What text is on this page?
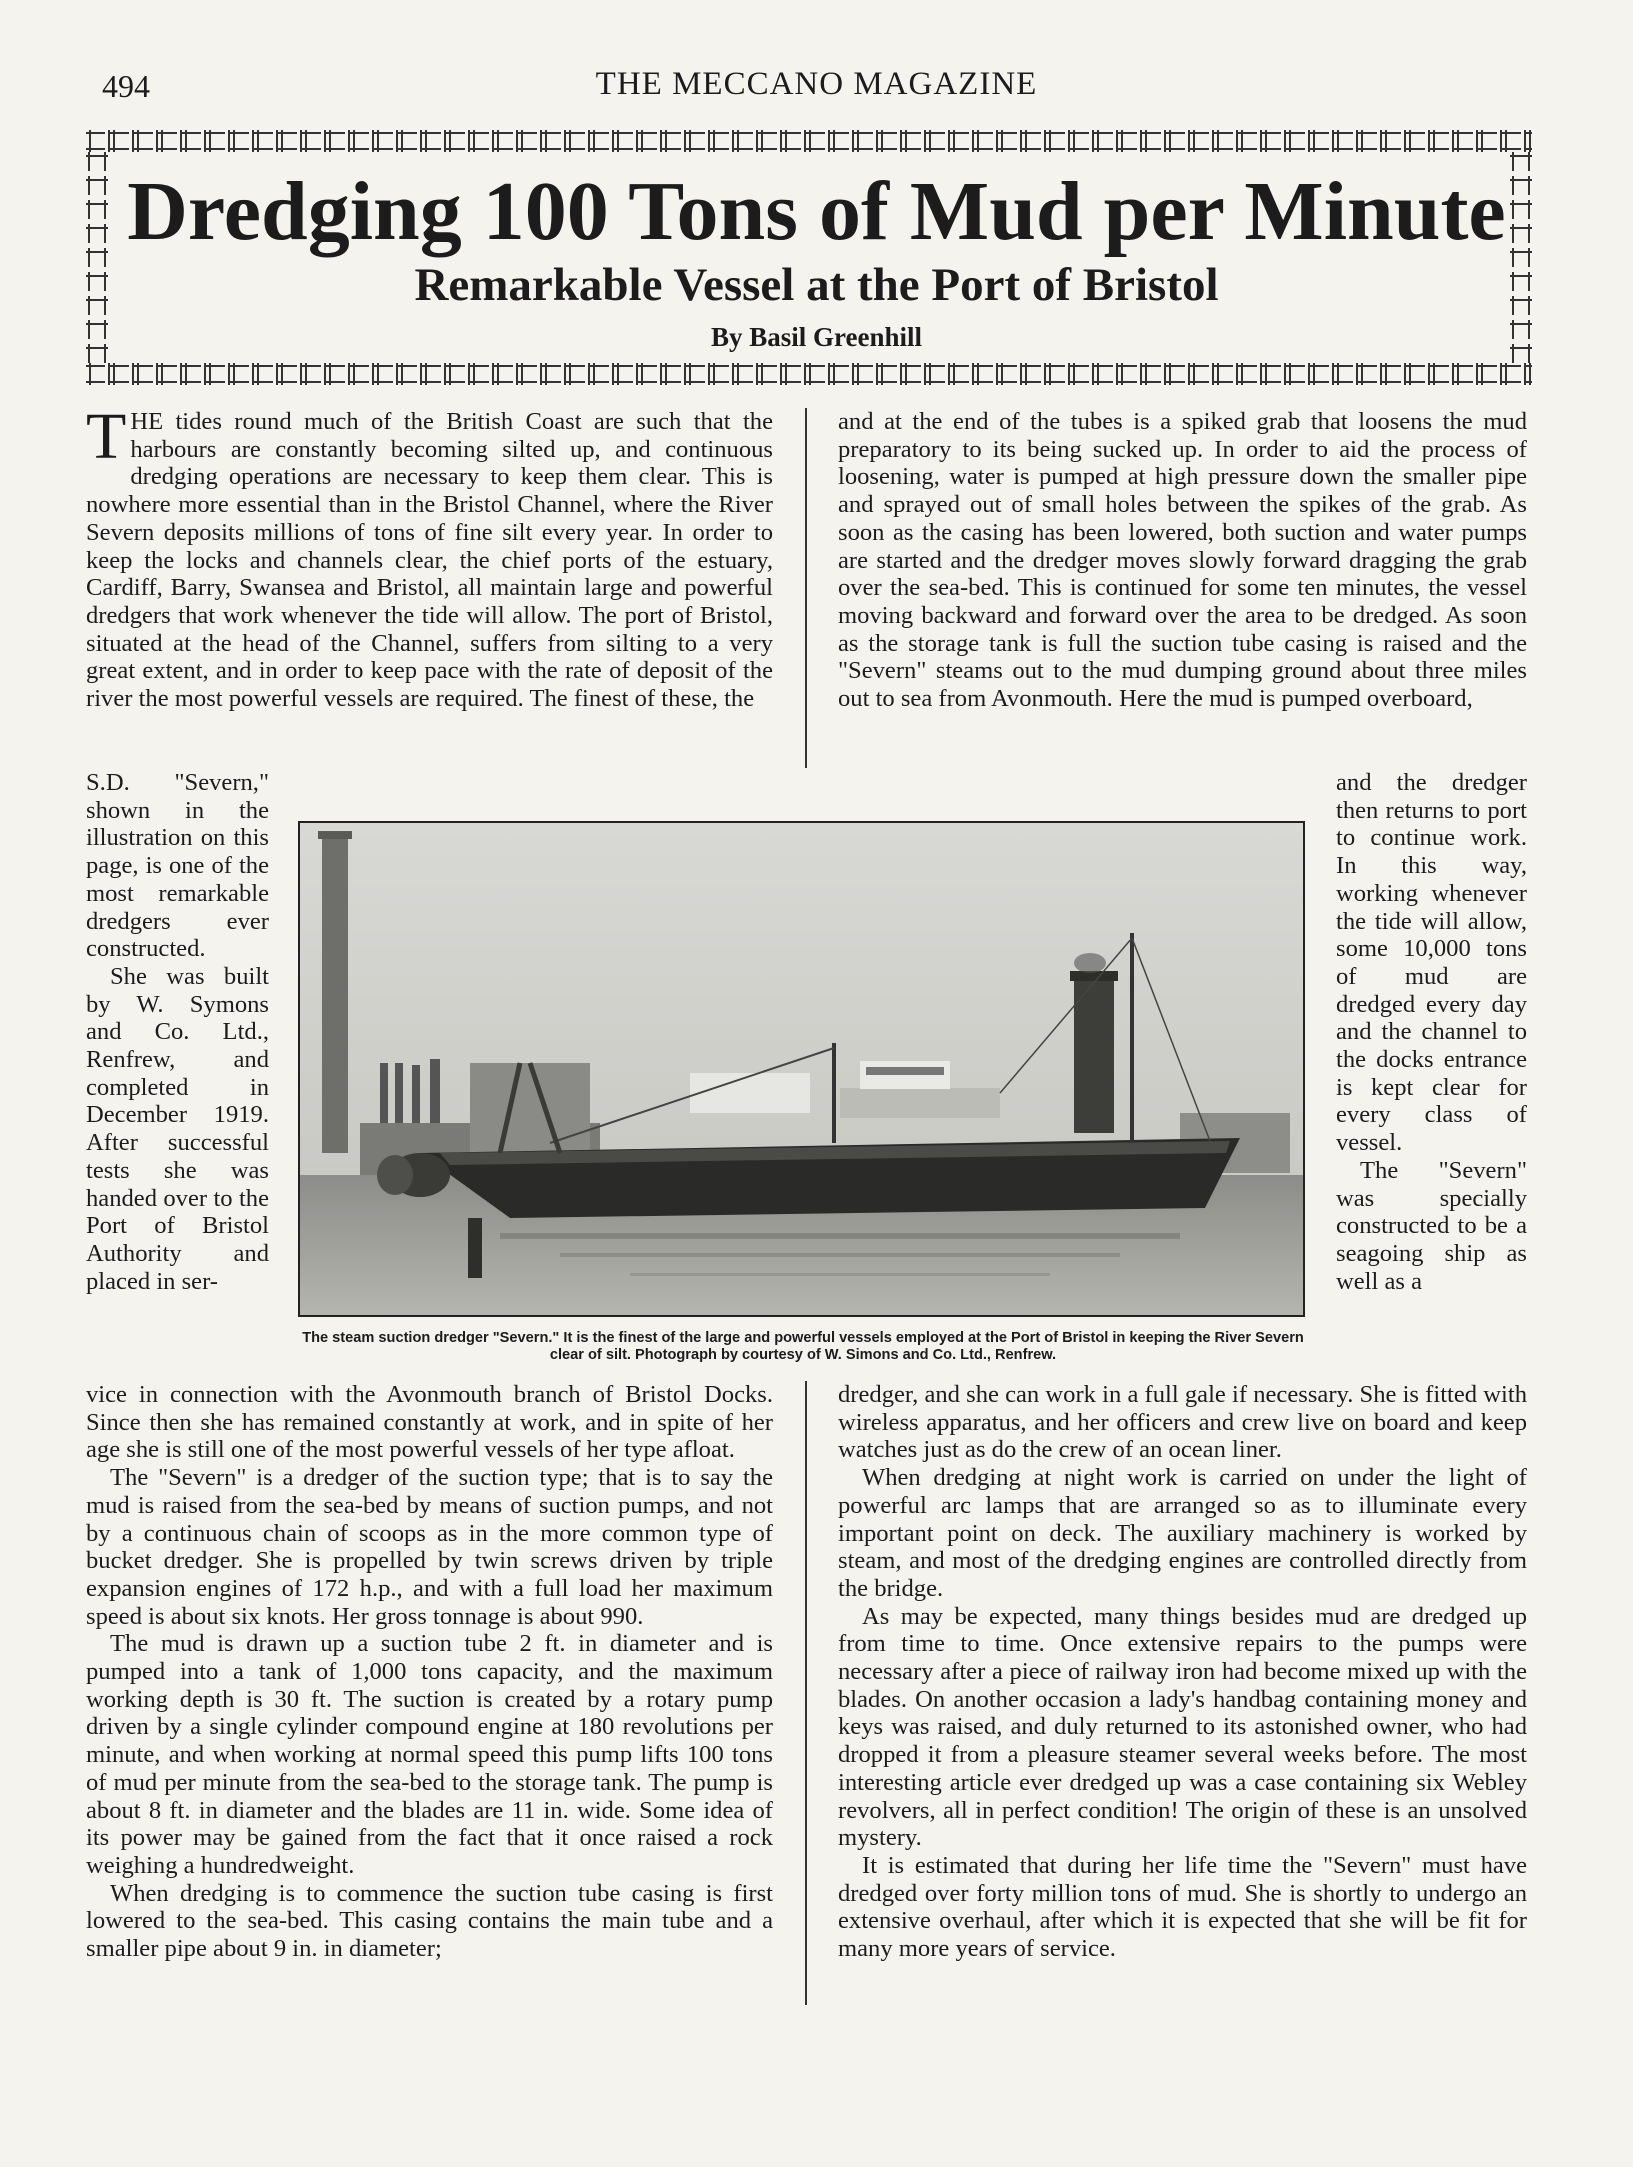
494	THE MECCANO MAGAZINE
Dredging 100 Tons of Mud per Minute
Remarkable Vessel at the Port of Bristol
By Basil Greenhill

THE tides round much of the British Coast are such that the harbours are constantly becoming silted up, and continuous dredging operations are necessary to keep them clear. This is nowhere more essential than in the Bristol Channel, where the River Severn deposits millions of tons of fine silt every year. In order to keep the locks and channels clear, the chief ports of the estuary, Cardiff, Barry, Swansea and Bristol, all maintain large and powerful dredgers that work whenever the tide will allow. The port of Bristol, situated at the head of the Channel, suffers from silting to a very great extent, and in order to keep pace with the rate of deposit of the river the most powerful vessels are required. The finest of these, the

S.D. "Severn," shown in the illustration on this page, is one of the most remarkable dredgers ever constructed.

She was built by W. Symons and Co. Ltd., Renfrew, and completed in December 1919. After successful tests she was handed over to the Port of Bristol Authority and placed in ser-

vice in connection with the Avonmouth branch of Bristol Docks. Since then she has remained constantly at work, and in spite of her age she is still one of the most powerful vessels of her type afloat.

The "Severn" is a dredger of the suction type; that is to say the mud is raised from the sea-bed by means of suction pumps, and not by a continuous chain of scoops as in the more common type of bucket dredger. She is propelled by twin screws driven by triple expansion engines of 172 h.p., and with a full load her maximum speed is about six knots. Her gross tonnage is about 990.

The mud is drawn up a suction tube 2 ft. in diameter and is pumped into a tank of 1,000 tons capacity, and the maximum working depth is 30 ft. The suction is created by a rotary pump driven by a single cylinder compound engine at 180 revolutions per minute, and when working at normal speed this pump lifts 100 tons of mud per minute from the sea-bed to the storage tank. The pump is about 8 ft. in diameter and the blades are 11 in. wide. Some idea of its power may be gained from the fact that it once raised a rock weighing a hundredweight.

When dredging is to commence the suction tube casing is first lowered to the sea-bed. This casing contains the main tube and a smaller pipe about 9 in. in diameter;

and at the end of the tubes is a spiked grab that loosens the mud preparatory to its being sucked up. In order to aid the process of loosening, water is pumped at high pressure down the smaller pipe and sprayed out of small holes between the spikes of the grab. As soon as the casing has been lowered, both suction and water pumps are started and the dredger moves slowly forward dragging the grab over the sea-bed. This is continued for some ten minutes, the vessel moving backward and forward over the area to be dredged. As soon as the storage tank is full the suction tube casing is raised and the "Severn" steams out to the mud dumping ground about three miles out to sea from Avonmouth. Here the mud is pumped overboard,

and the dredger then returns to port to continue work. In this way, working whenever the tide will allow, some 10,000 tons of mud are dredged every day and the channel to the docks entrance is kept clear for every class of vessel.

The "Severn" was specially constructed to be a seagoing ship as well as a

dredger, and she can work in a full gale if necessary. She is fitted with wireless apparatus, and her officers and crew live on board and keep watches just as do the crew of an ocean liner.

When dredging at night work is carried on under the light of powerful arc lamps that are arranged so as to illuminate every important point on deck. The auxiliary machinery is worked by steam, and most of the dredging engines are controlled directly from the bridge.

As may be expected, many things besides mud are dredged up from time to time. Once extensive repairs to the pumps were necessary after a piece of railway iron had become mixed up with the blades. On another occasion a lady's handbag containing money and keys was raised, and duly returned to its astonished owner, who had dropped it from a pleasure steamer several weeks before. The most interesting article ever dredged up was a case containing six Webley revolvers, all in perfect condition! The origin of these is an unsolved mystery.

It is estimated that during her life time the "Severn" must have dredged over forty million tons of mud. She is shortly to undergo an extensive overhaul, after which it is expected that she will be fit for many more years of service.

The steam suction dredger "Severn." It is the finest of the large and powerful vessels employed at the Port of Bristol in keeping the River Severn clear of silt. Photograph by courtesy of W. Simons and Co. Ltd., Renfrew.
